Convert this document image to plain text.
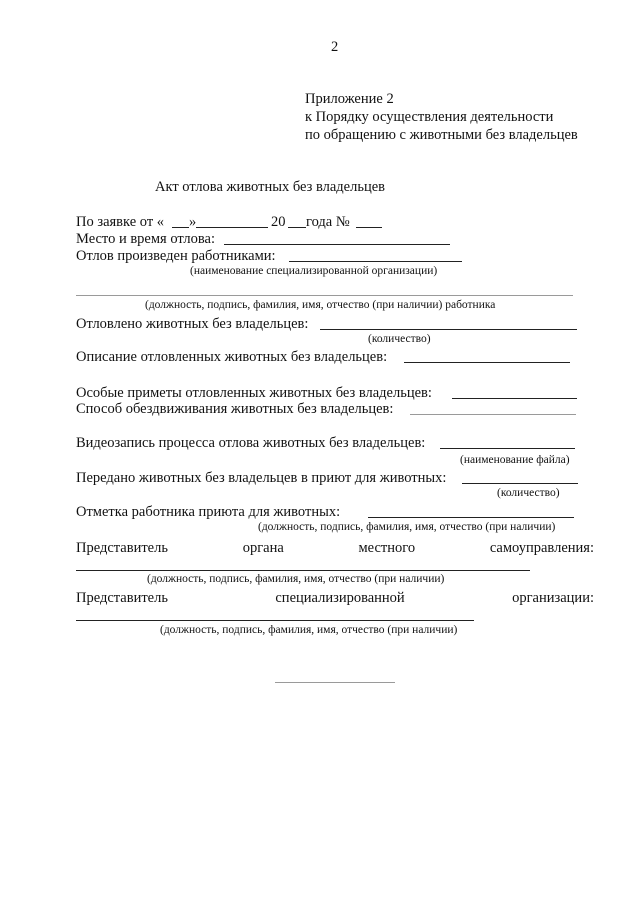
2
Приложение 2
к Порядку осуществления деятельности
по обращению с животными без владельцев
Акт отлова животных без владельцев
По заявке от « »	20 года №
Место и время отлова:
Отлов произведен работниками:
(наименование специализированной организации)
(должность, подпись, фамилия, имя, отчество (при наличии) работника
Отловлено животных без владельцев:
(количество)
Описание отловленных животных без владельцев:
Особые приметы отловленных животных без владельцев:
Способ обездвиживания животных без владельцев:
Видеозапись процесса отлова животных без владельцев:
(наименование файла)
Передано животных без владельцев в приют для животных:
(количество)
Отметка работника приюта для животных:
(должность, подпись, фамилия, имя, отчество (при наличии)
Представитель	органа	местного	самоуправления:
(должность, подпись, фамилия, имя, отчество (при наличии)
Представитель	специализированной	организации:
(должность, подпись, фамилия, имя, отчество (при наличии)
